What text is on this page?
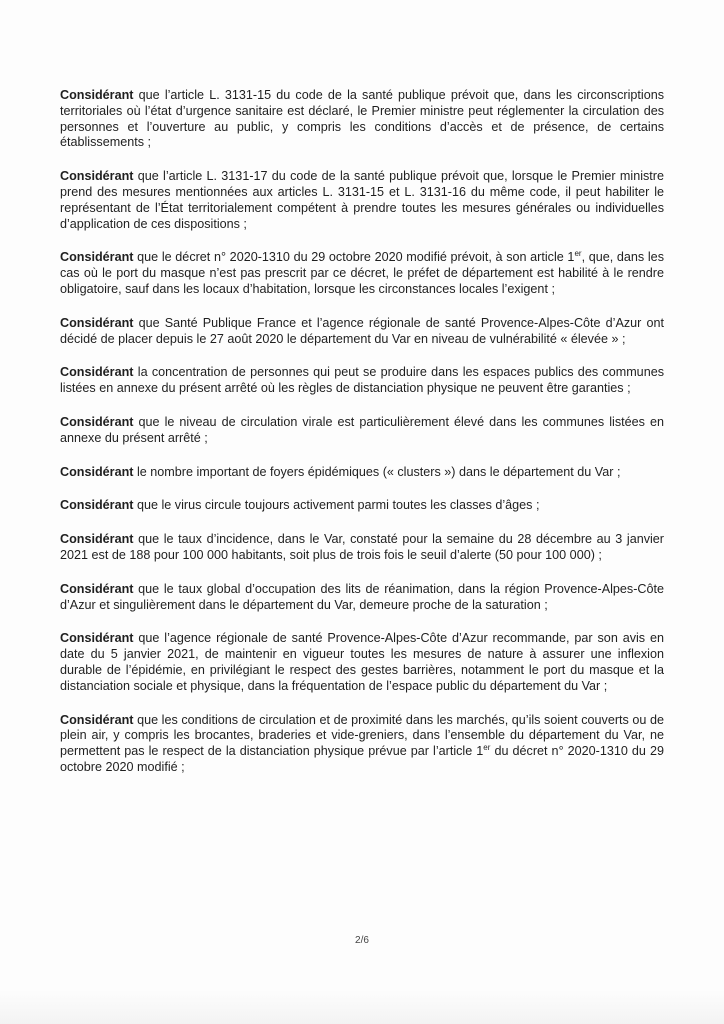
Considérant que l’article L. 3131-15 du code de la santé publique prévoit que, dans les circonscriptions territoriales où l’état d’urgence sanitaire est déclaré, le Premier ministre peut réglementer la circulation des personnes et l’ouverture au public, y compris les conditions d’accès et de présence, de certains établissements ;

Considérant que l’article L. 3131-17 du code de la santé publique prévoit que, lorsque le Premier ministre prend des mesures mentionnées aux articles L. 3131-15 et L. 3131-16 du même code, il peut habiliter le représentant de l’État territorialement compétent à prendre toutes les mesures générales ou individuelles d’application de ces dispositions ;

Considérant que le décret n° 2020-1310 du 29 octobre 2020 modifié prévoit, à son article 1er, que, dans les cas où le port du masque n’est pas prescrit par ce décret, le préfet de département est habilité à le rendre obligatoire, sauf dans les locaux d’habitation, lorsque les circonstances locales l’exigent ;

Considérant que Santé Publique France et l’agence régionale de santé Provence-Alpes-Côte d’Azur ont décidé de placer depuis le 27 août 2020 le département du Var en niveau de vulnérabilité « élevée » ;

Considérant la concentration de personnes qui peut se produire dans les espaces publics des communes listées en annexe du présent arrêté où les règles de distanciation physique ne peuvent être garanties ;

Considérant que le niveau de circulation virale est particulièrement élevé dans les communes listées en annexe du présent arrêté ;

Considérant le nombre important de foyers épidémiques (« clusters ») dans le département du Var ;

Considérant que le virus circule toujours activement parmi toutes les classes d’âges ;

Considérant que le taux d’incidence, dans le Var, constaté pour la semaine du 28 décembre au 3 janvier 2021 est de 188 pour 100 000 habitants, soit plus de trois fois le seuil d’alerte (50 pour 100 000) ;

Considérant que le taux global d’occupation des lits de réanimation, dans la région Provence-Alpes-Côte d’Azur et singulièrement dans le département du Var, demeure proche de la saturation ;

Considérant que l’agence régionale de santé Provence-Alpes-Côte d’Azur recommande, par son avis en date du 5 janvier 2021, de maintenir en vigueur toutes les mesures de nature à assurer une inflexion durable de l’épidémie, en privilégiant le respect des gestes barrières, notamment le port du masque et la distanciation sociale et physique, dans la fréquentation de l’espace public du département du Var ;

Considérant que les conditions de circulation et de proximité dans les marchés, qu’ils soient couverts ou de plein air, y compris les brocantes, braderies et vide-greniers, dans l’ensemble du département du Var, ne permettent pas le respect de la distanciation physique prévue par l’article 1er du décret n° 2020-1310 du 29 octobre 2020 modifié ;

2/6
